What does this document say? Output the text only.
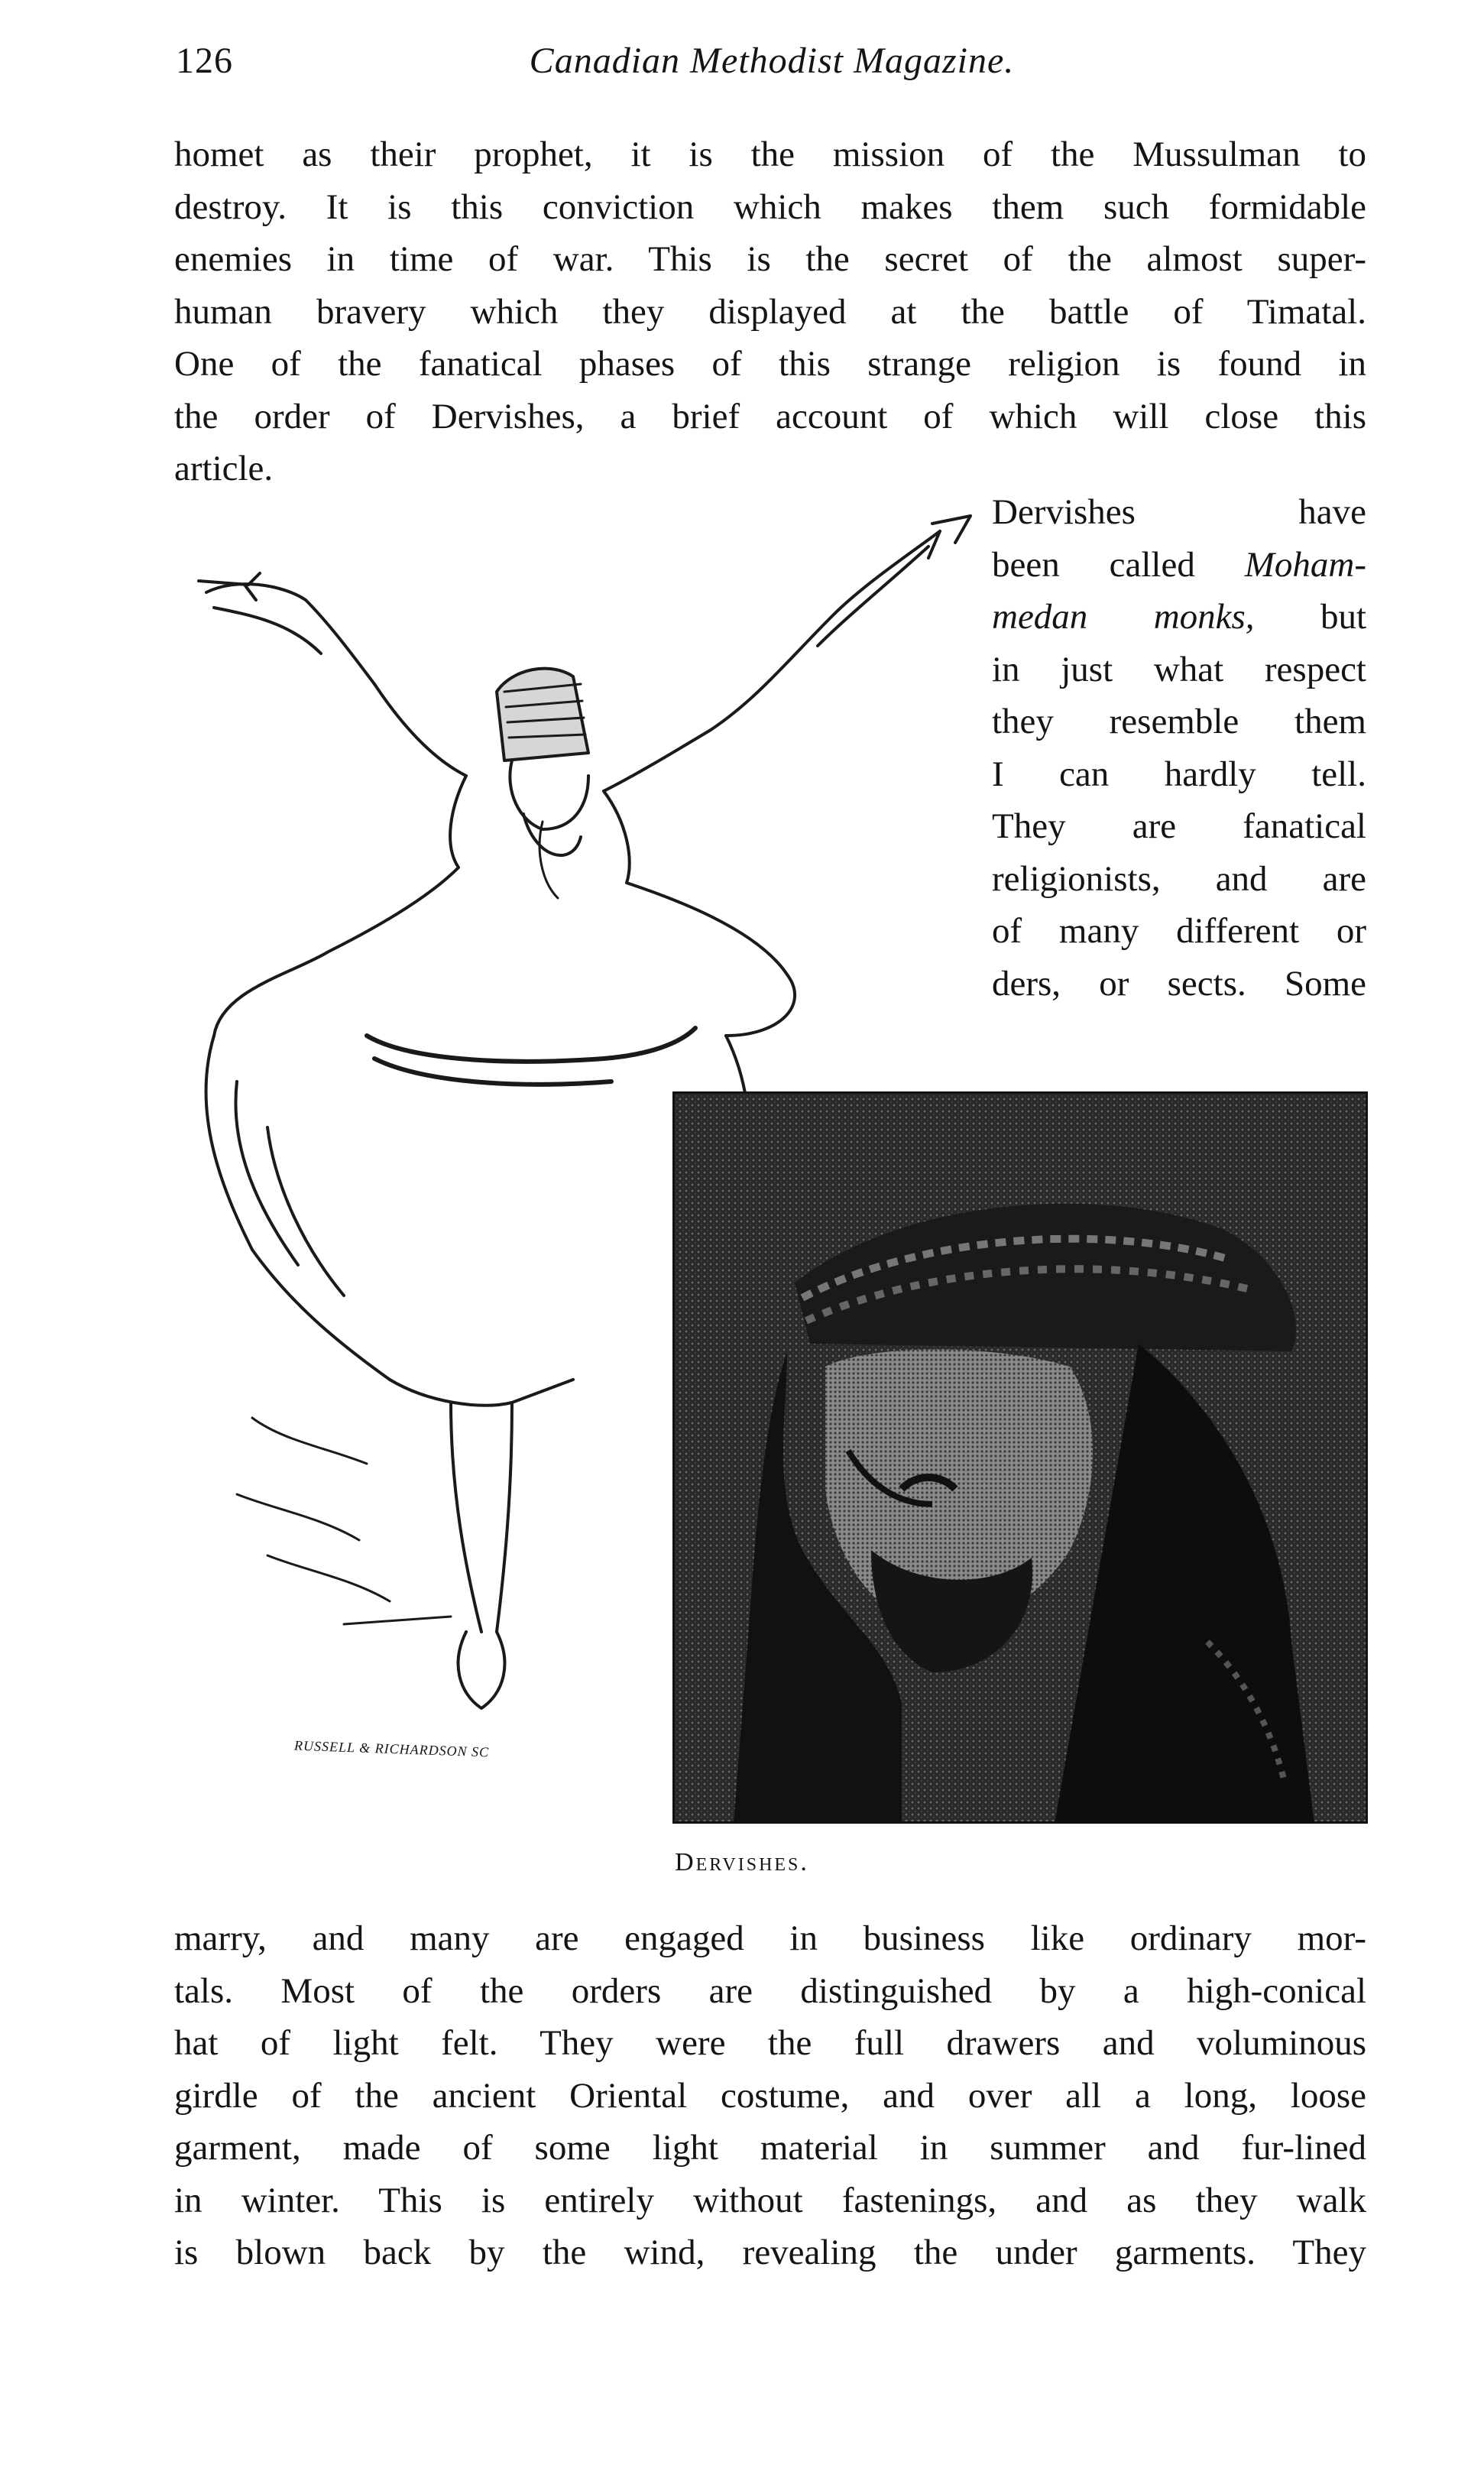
126	Canadian Methodist Magazine.
homet as their prophet, it is the mission of the Mussulman to
destroy. It is this conviction which makes them such formidable
enemies in time of war. This is the secret of the almost super-
human bravery which they displayed at the battle of Timatal.
One of the fanatical phases of this strange religion is found in
the order of Dervishes, a brief account of which will close this
article.
Dervishes have
been called Moham-
medan monks, but
in just what respect
they resemble them
I can hardly tell.
They are fanatical
religionists, and are
of many different or
ders, or sects. Some
RUSSELL & RICHARDSON SC
Dervishes.
marry, and many are engaged in business like ordinary mor-
tals. Most of the orders are distinguished by a high-conical
hat of light felt. They were the full drawers and voluminous
girdle of the ancient Oriental costume, and over all a long, loose
garment, made of some light material in summer and fur-lined
in winter. This is entirely without fastenings, and as they walk
is blown back by the wind, revealing the under garments. They
